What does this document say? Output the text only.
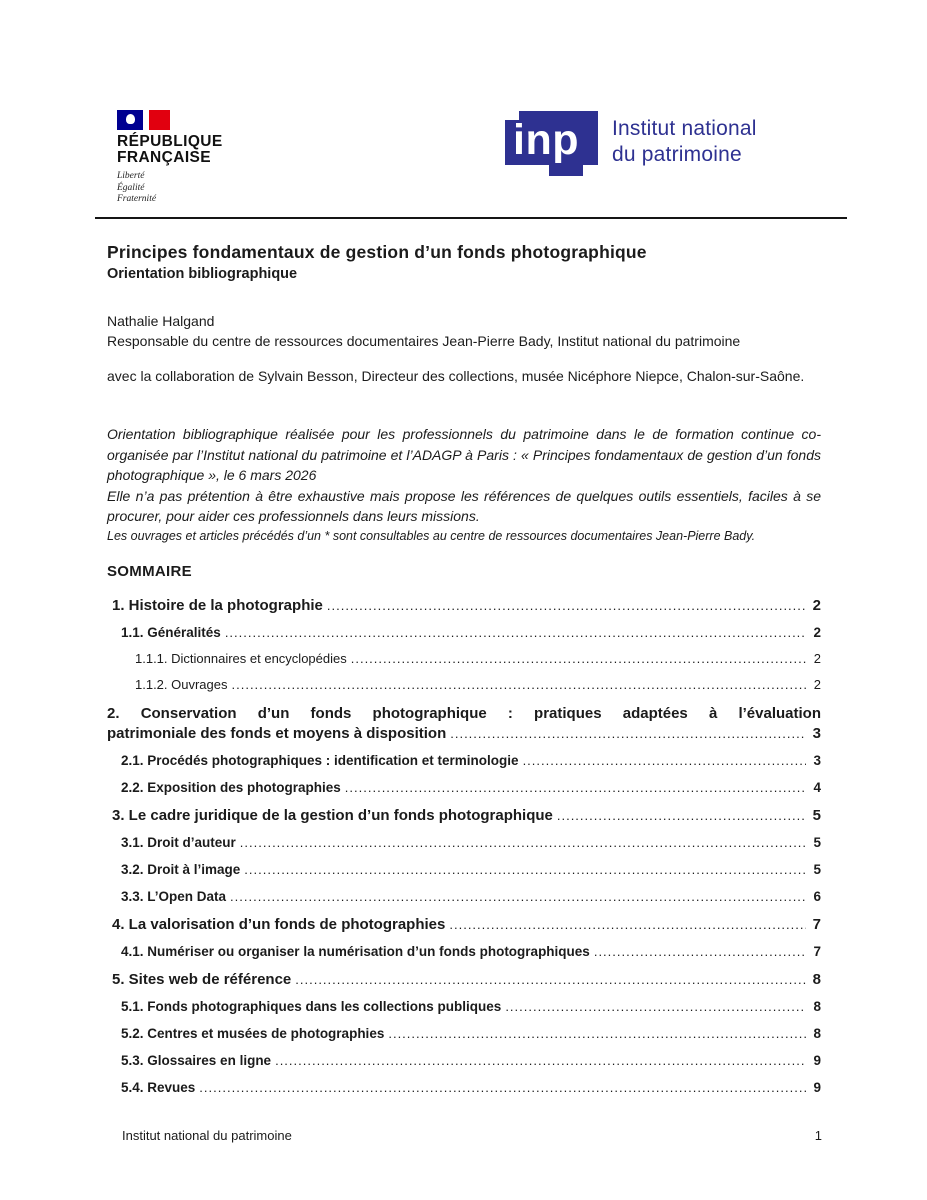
RÉPUBLIQUE
FRANÇAISE
Liberté
Égalité
Fraternité
inp Institut national
du patrimoine
Principes fondamentaux de gestion d’un fonds photographique
Orientation bibliographique
Nathalie Halgand
Responsable du centre de ressources documentaires Jean-Pierre Bady, Institut national du patrimoine
avec la collaboration de Sylvain Besson, Directeur des collections, musée Nicéphore Niepce, Chalon-sur-Saône.
Orientation bibliographique réalisée pour les professionnels du patrimoine dans le de formation continue co-organisée par l’Institut national du patrimoine et l’ADAGP à Paris : « Principes fondamentaux de gestion d’un fonds photographique », le 6 mars 2026
Elle n’a pas prétention à être exhaustive mais propose les références de quelques outils essentiels, faciles à se procurer, pour aider ces professionnels dans leurs missions.
Les ouvrages et articles précédés d’un * sont consultables au centre de ressources documentaires Jean-Pierre Bady.
SOMMAIRE
1. Histoire de la photographie .....	2
1.1. Généralités .....	2
1.1.1. Dictionnaires et encyclopédies .....	2
1.1.2. Ouvrages .....	2
2. Conservation d’un fonds photographique : pratiques adaptées à l’évaluation
patrimoniale des fonds et moyens à disposition .....	3
2.1. Procédés photographiques : identification et terminologie .....	3
2.2. Exposition des photographies .....	4
3. Le cadre juridique de la gestion d’un fonds photographique .....	5
3.1. Droit d’auteur .....	5
3.2. Droit à l’image .....	5
3.3. L’Open Data .....	6
4. La valorisation d’un fonds de photographies .....	7
4.1. Numériser ou organiser la numérisation d’un fonds photographiques .....	7
5. Sites web de référence .....	8
5.1. Fonds photographiques dans les collections publiques .....	8
5.2. Centres et musées de photographies .....	8
5.3. Glossaires en ligne .....	9
5.4. Revues .....	9
Institut national du patrimoine	1
